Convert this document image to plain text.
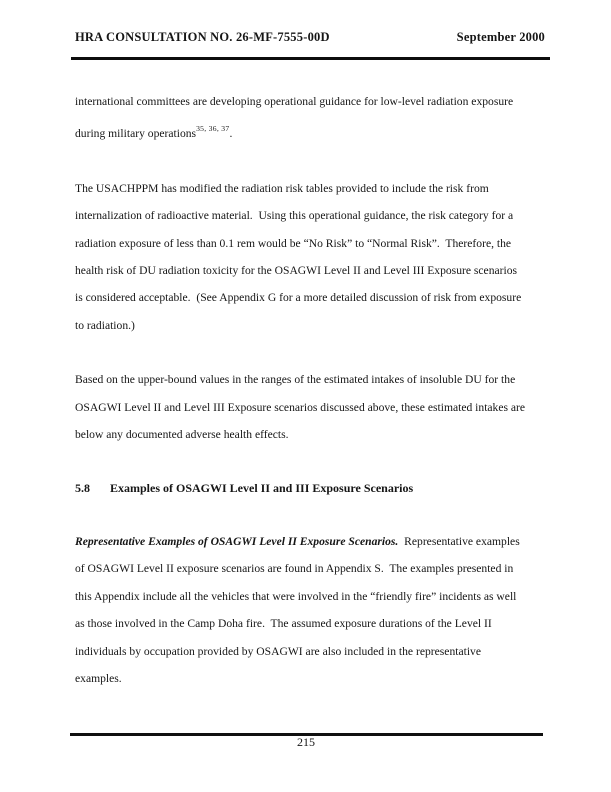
HRA CONSULTATION NO. 26-MF-7555-00D	September 2000
international committees are developing operational guidance for low-level radiation exposure
during military operations$^{35, 36, 37}$.
The USACHPPM has modified the radiation risk tables provided to include the risk from
internalization of radioactive material.  Using this operational guidance, the risk category for a
radiation exposure of less than 0.1 rem would be “No Risk” to “Normal Risk”.  Therefore, the
health risk of DU radiation toxicity for the OSAGWI Level II and Level III Exposure scenarios
is considered acceptable.  (See Appendix G for a more detailed discussion of risk from exposure
to radiation.)
Based on the upper-bound values in the ranges of the estimated intakes of insoluble DU for the
OSAGWI Level II and Level III Exposure scenarios discussed above, these estimated intakes are
below any documented adverse health effects.
5.8 Examples of OSAGWI Level II and III Exposure Scenarios
Representative Examples of OSAGWI Level II Exposure Scenarios.  Representative examples
of OSAGWI Level II exposure scenarios are found in Appendix S.  The examples presented in
this Appendix include all the vehicles that were involved in the “friendly fire” incidents as well
as those involved in the Camp Doha fire.  The assumed exposure durations of the Level II
individuals by occupation provided by OSAGWI are also included in the representative
examples.
215
